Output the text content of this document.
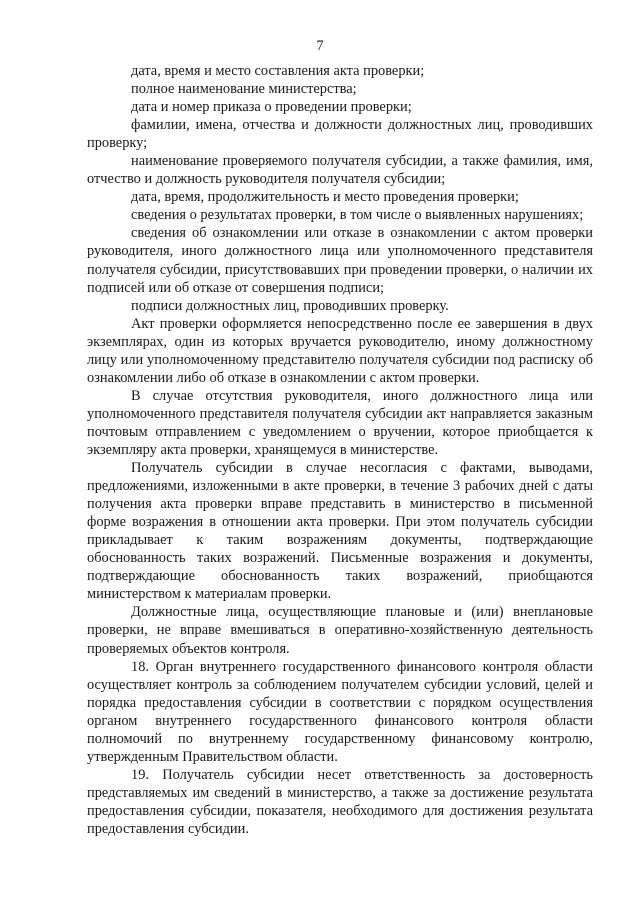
7

дата, время и место составления акта проверки;

полное наименование министерства;

дата и номер приказа о проведении проверки;

фамилии, имена, отчества и должности должностных лиц, проводивших проверку;

наименование проверяемого получателя субсидии, а также фамилия, имя, отчество и должность руководителя получателя субсидии;

дата, время, продолжительность и место проведения проверки;

сведения о результатах проверки, в том числе о выявленных нарушениях;

сведения об ознакомлении или отказе в ознакомлении с актом проверки руководителя, иного должностного лица или уполномоченного представителя получателя субсидии, присутствовавших при проведении проверки, о наличии их подписей или об отказе от совершения подписи;

подписи должностных лиц, проводивших проверку.

Акт проверки оформляется непосредственно после ее завершения в двух экземплярах, один из которых вручается руководителю, иному должностному лицу или уполномоченному представителю получателя субсидии под расписку об ознакомлении либо об отказе в ознакомлении с актом проверки.

В случае отсутствия руководителя, иного должностного лица или уполномоченного представителя получателя субсидии акт направляется заказным почтовым отправлением с уведомлением о вручении, которое приобщается к экземпляру акта проверки, хранящемуся в министерстве.

Получатель субсидии в случае несогласия с фактами, выводами, предложениями, изложенными в акте проверки, в течение 3 рабочих дней с даты получения акта проверки вправе представить в министерство в письменной форме возражения в отношении акта проверки. При этом получатель субсидии прикладывает к таким возражениям документы, подтверждающие обоснованность таких возражений. Письменные возражения и документы, подтверждающие обоснованность таких возражений, приобщаются министерством к материалам проверки.

Должностные лица, осуществляющие плановые и (или) внеплановые проверки, не вправе вмешиваться в оперативно-хозяйственную деятельность проверяемых объектов контроля.

18. Орган внутреннего государственного финансового контроля области осуществляет контроль за соблюдением получателем субсидии условий, целей и порядка предоставления субсидии в соответствии с порядком осуществления органом внутреннего государственного финансового контроля области полномочий по внутреннему государственному финансовому контролю, утвержденным Правительством области.

19. Получатель субсидии несет ответственность за достоверность представляемых им сведений в министерство, а также за достижение результата предоставления субсидии, показателя, необходимого для достижения результата предоставления субсидии.
